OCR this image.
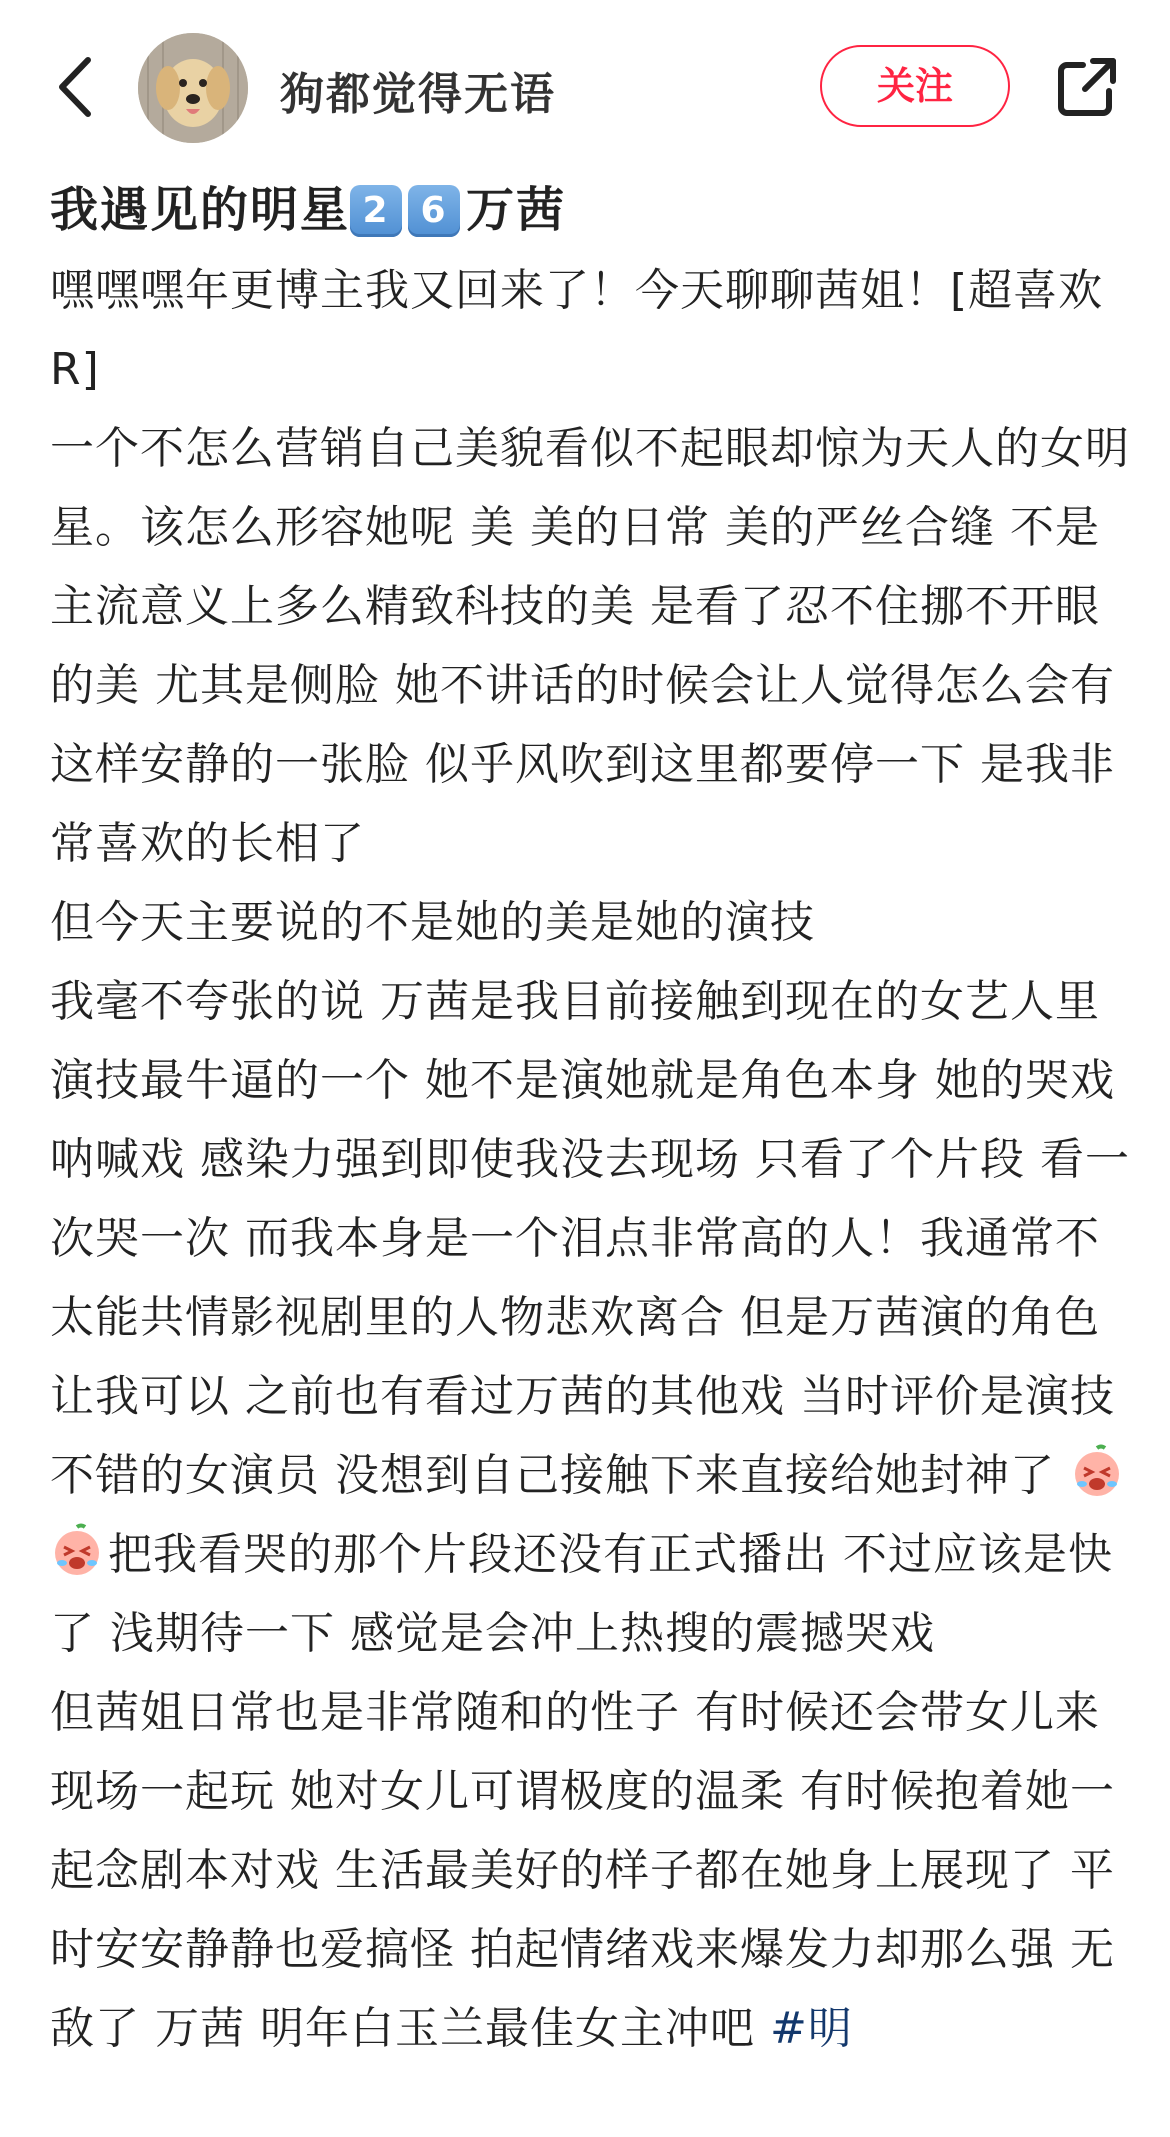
狗都觉得无语	关注
我遇见的明星 2 6 万茜

嘿嘿嘿年更博主我又回来了！今天聊聊茜姐！[超喜欢R]

一个不怎么营销自己美貌看似不起眼却惊为天人的女明星。该怎么形容她呢 美 美的日常 美的严丝合缝 不是主流意义上多么精致科技的美 是看了忍不住挪不开眼的美 尤其是侧脸 她不讲话的时候会让人觉得怎么会有这样安静的一张脸 似乎风吹到这里都要停一下 是我非常喜欢的长相了

但今天主要说的不是她的美是她的演技

我毫不夸张的说 万茜是我目前接触到现在的女艺人里 演技最牛逼的一个 她不是演她就是角色本身 她的哭戏 呐喊戏 感染力强到即使我没去现场 只看了个片段 看一次哭一次 而我本身是一个泪点非常高的人！我通常不太能共情影视剧里的人物悲欢离合 但是万茜演的角色让我可以 之前也有看过万茜的其他戏 当时评价是演技不错的女演员 没想到自己接触下来直接给她封神了 把我看哭的那个片段还没有正式播出 不过应该是快了 浅期待一下 感觉是会冲上热搜的震撼哭戏

但茜姐日常也是非常随和的性子 有时候还会带女儿来现场一起玩 她对女儿可谓极度的温柔 有时候抱着她一起念剧本对戏 生活最美好的样子都在她身上展现了 平时安安静静也爱搞怪 拍起情绪戏来爆发力却那么强 无敌了 万茜 明年白玉兰最佳女主冲吧 #明
